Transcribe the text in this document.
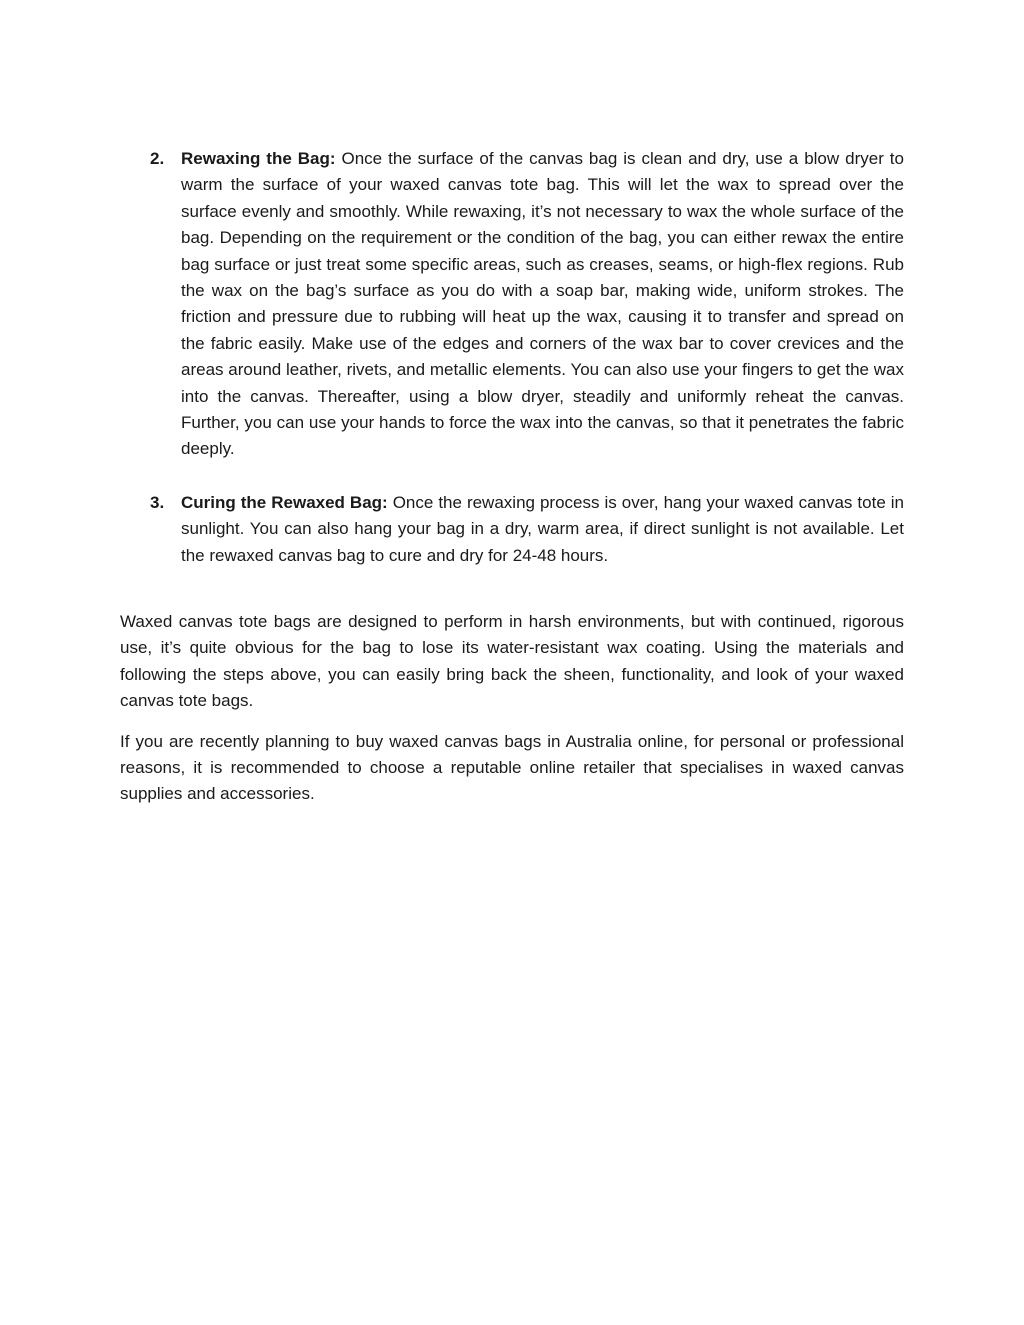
2. Rewaxing the Bag: Once the surface of the canvas bag is clean and dry, use a blow dryer to warm the surface of your waxed canvas tote bag. This will let the wax to spread over the surface evenly and smoothly. While rewaxing, it’s not necessary to wax the whole surface of the bag. Depending on the requirement or the condition of the bag, you can either rewax the entire bag surface or just treat some specific areas, such as creases, seams, or high-flex regions. Rub the wax on the bag’s surface as you do with a soap bar, making wide, uniform strokes. The friction and pressure due to rubbing will heat up the wax, causing it to transfer and spread on the fabric easily. Make use of the edges and corners of the wax bar to cover crevices and the areas around leather, rivets, and metallic elements. You can also use your fingers to get the wax into the canvas. Thereafter, using a blow dryer, steadily and uniformly reheat the canvas. Further, you can use your hands to force the wax into the canvas, so that it penetrates the fabric deeply.
3. Curing the Rewaxed Bag: Once the rewaxing process is over, hang your waxed canvas tote in sunlight. You can also hang your bag in a dry, warm area, if direct sunlight is not available. Let the rewaxed canvas bag to cure and dry for 24-48 hours.

Waxed canvas tote bags are designed to perform in harsh environments, but with continued, rigorous use, it’s quite obvious for the bag to lose its water-resistant wax coating. Using the materials and following the steps above, you can easily bring back the sheen, functionality, and look of your waxed canvas tote bags.

If you are recently planning to buy waxed canvas bags in Australia online, for personal or professional reasons, it is recommended to choose a reputable online retailer that specialises in waxed canvas supplies and accessories.
